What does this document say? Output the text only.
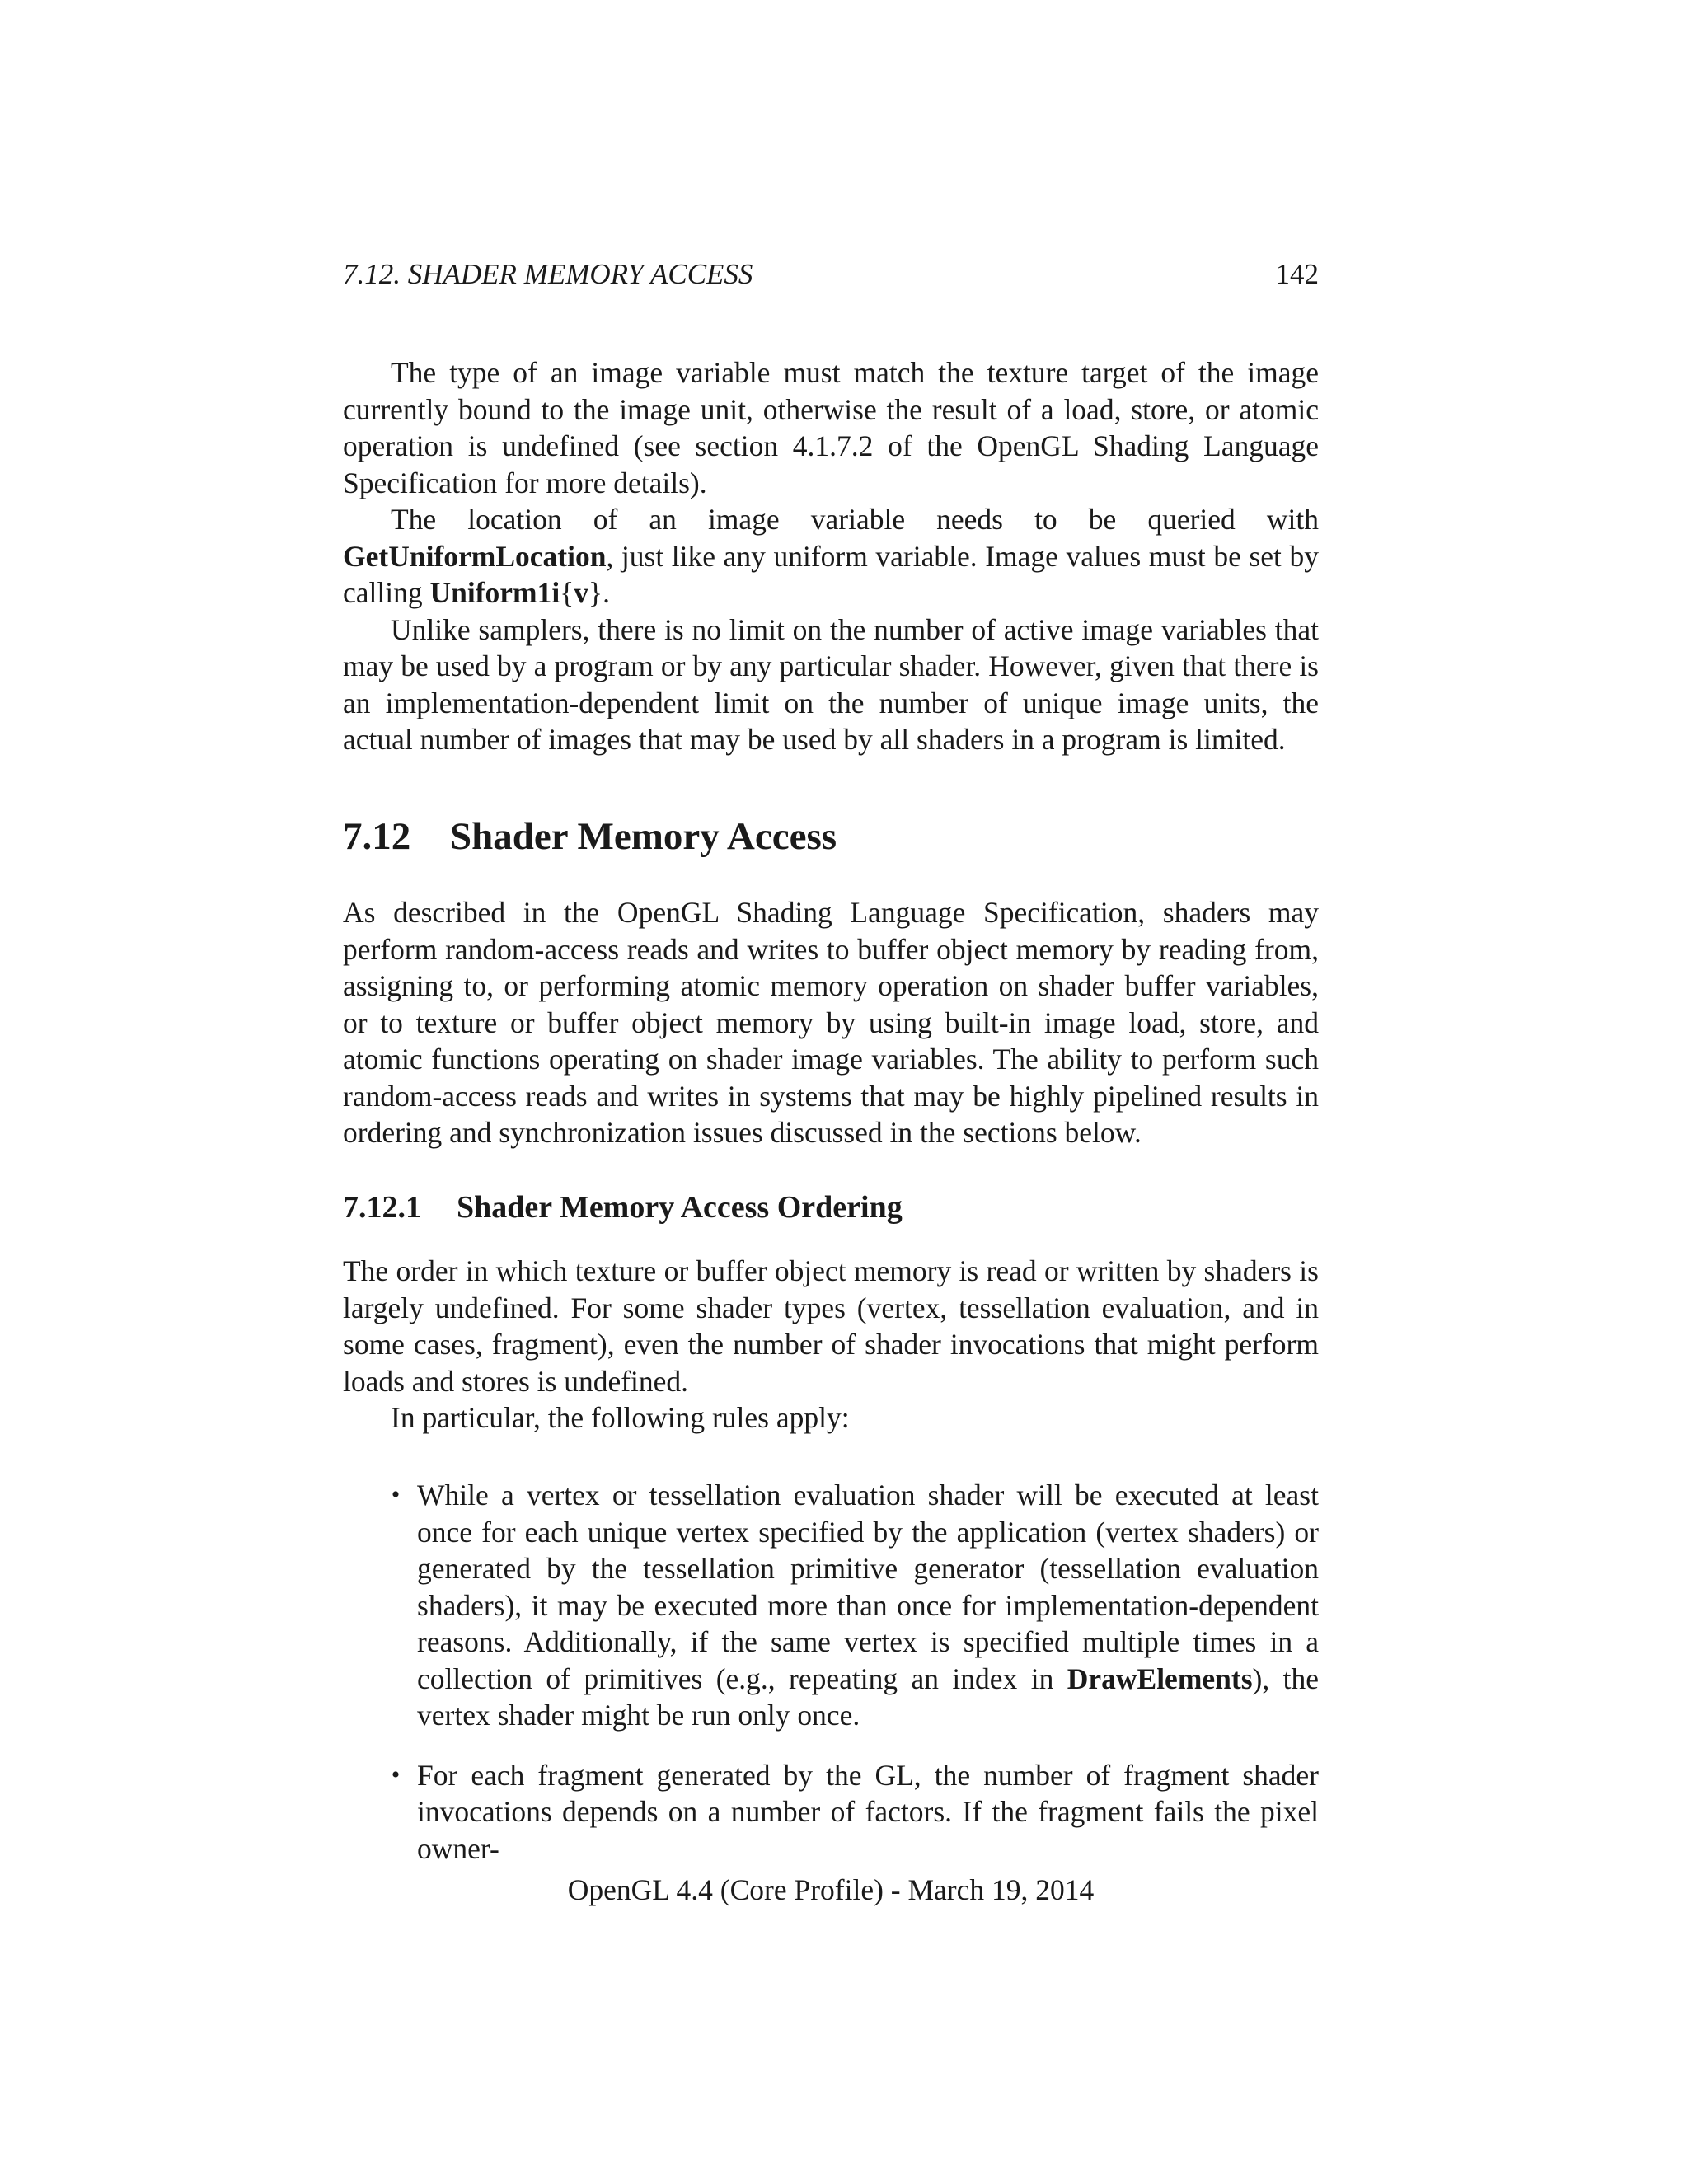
7.12. SHADER MEMORY ACCESS	142

The type of an image variable must match the texture target of the image currently bound to the image unit, otherwise the result of a load, store, or atomic operation is undefined (see section 4.1.7.2 of the OpenGL Shading Language Specification for more details).

The location of an image variable needs to be queried with GetUniformLocation, just like any uniform variable. Image values must be set by calling Uniform1i{v}.

Unlike samplers, there is no limit on the number of active image variables that may be used by a program or by any particular shader. However, given that there is an implementation-dependent limit on the number of unique image units, the actual number of images that may be used by all shaders in a program is limited.

7.12 Shader Memory Access

As described in the OpenGL Shading Language Specification, shaders may perform random-access reads and writes to buffer object memory by reading from, assigning to, or performing atomic memory operation on shader buffer variables, or to texture or buffer object memory by using built-in image load, store, and atomic functions operating on shader image variables. The ability to perform such random-access reads and writes in systems that may be highly pipelined results in ordering and synchronization issues discussed in the sections below.

7.12.1 Shader Memory Access Ordering

The order in which texture or buffer object memory is read or written by shaders is largely undefined. For some shader types (vertex, tessellation evaluation, and in some cases, fragment), even the number of shader invocations that might perform loads and stores is undefined.

In particular, the following rules apply:

• While a vertex or tessellation evaluation shader will be executed at least once for each unique vertex specified by the application (vertex shaders) or generated by the tessellation primitive generator (tessellation evaluation shaders), it may be executed more than once for implementation-dependent reasons. Additionally, if the same vertex is specified multiple times in a collection of primitives (e.g., repeating an index in DrawElements), the vertex shader might be run only once.
• For each fragment generated by the GL, the number of fragment shader invocations depends on a number of factors. If the fragment fails the pixel owner-
OpenGL 4.4 (Core Profile) - March 19, 2014
